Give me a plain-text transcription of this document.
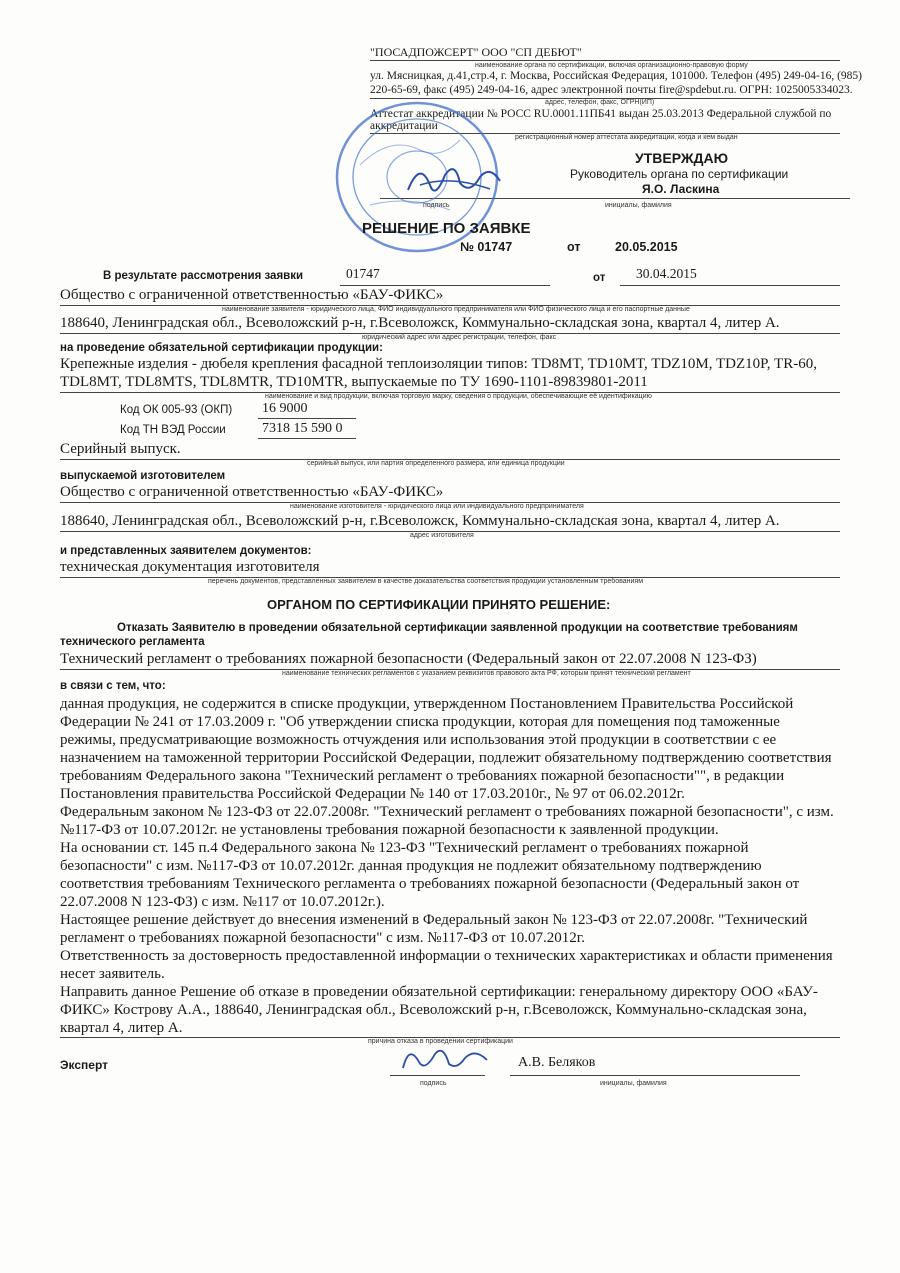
"ПОСАДПОЖСЕРТ" ООО "СП ДЕБЮТ"
наименование органа по сертификации, включая организационно-правовую форму
ул. Мясницкая, д.41,стр.4, г. Москва, Российская Федерация, 101000. Телефон (495) 249-04-16, (985)
220-65-69, факс (495) 249-04-16, адрес электронной почты fire@spdebut.ru. ОГРН: 1025005334023.
адрес, телефон, факс, ОГРН(ИП)
Аттестат аккредитации № РОСС RU.0001.11ПБ41 выдан 25.03.2013 Федеральной службой по
аккредитации
регистрационный номер аттестата аккредитации, когда и кем выдан
УТВЕРЖДАЮ
Руководитель органа по сертификации
Я.О. Ласкина
подпись	инициалы, фамилия
РЕШЕНИЕ ПО ЗАЯВКЕ
№ 01747	от	20.05.2015
В результате рассмотрения заявки	01747	от 30.04.2015
Общество с ограниченной ответственностью «БАУ-ФИКС»
наименование заявителя - юридического лица, ФИО индивидуального предпринимателя или ФИО физического лица и его паспортные данные
188640, Ленинградская обл., Всеволожский р-н, г.Всеволожск, Коммунально-складская зона, квартал 4, литер А.
юридический адрес или адрес регистрации, телефон, факс
на проведение обязательной сертификации продукции:
Крепежные изделия - дюбеля крепления фасадной теплоизоляции типов: TD8MT, TD10MT, TDZ10M, TDZ10P, TR-60,
TDL8MT, TDL8MTS, TDL8MTR, TD10MTR, выпускаемые по ТУ 1690-1101-89839801-2011
наименование и вид продукции, включая торговую марку, сведения о продукции, обеспечивающие её идентификацию
Код ОК 005-93 (ОКП) 16 9000
Код ТН ВЭД России	7318 15 590 0
Серийный выпуск.
серийный выпуск, или партия определенного размера, или единица продукции
выпускаемой изготовителем
Общество с ограниченной ответственностью «БАУ-ФИКС»
наименование изготовителя - юридического лица или индивидуального предпринимателя
188640, Ленинградская обл., Всеволожский р-н, г.Всеволожск, Коммунально-складская зона, квартал 4, литер А.
адрес изготовителя
и представленных заявителем документов:
техническая документация изготовителя
перечень документов, представленных заявителем в качестве доказательства соответствия продукции установленным требованиям
ОРГАНОМ ПО СЕРТИФИКАЦИИ ПРИНЯТО РЕШЕНИЕ:
Отказать Заявителю в проведении обязательной сертификации заявленной продукции на соответствие требованиям
технического регламента
Технический регламент о требованиях пожарной безопасности (Федеральный закон от 22.07.2008 N 123-ФЗ)
наименование технических регламентов с указанием реквизитов правового акта РФ, которым принят технический регламент
в связи с тем, что:
данная продукция, не содержится в списке продукции, утвержденном Постановлением Правительства Российской
Федерации № 241 от 17.03.2009 г. "Об утверждении списка продукции, которая для помещения под таможенные
режимы, предусматривающие возможность отчуждения или использования этой продукции в соответствии с ее
назначением на таможенной территории Российской Федерации, подлежит обязательному подтверждению соответствия
требованиям Федерального закона "Технический регламент о требованиях пожарной безопасности"", в редакции
Постановления правительства Российской Федерации № 140 от 17.03.2010г., № 97 от 06.02.2012г.
Федеральным законом № 123-ФЗ от 22.07.2008г. "Технический регламент о требованиях пожарной безопасности", с изм.
№117-ФЗ от 10.07.2012г. не установлены требования пожарной безопасности к заявленной продукции.
На основании ст. 145 п.4 Федерального закона № 123-ФЗ "Технический регламент о требованиях пожарной
безопасности" с изм. №117-ФЗ от 10.07.2012г. данная продукция не подлежит обязательному подтверждению
соответствия требованиям Технического регламента о требованиях пожарной безопасности (Федеральный закон от
22.07.2008 N 123-ФЗ) с изм. №117 от 10.07.2012г.).
Настоящее решение действует до внесения изменений в Федеральный закон № 123-ФЗ от 22.07.2008г. "Технический
регламент о требованиях пожарной безопасности" с изм. №117-ФЗ от 10.07.2012г.
Ответственность за достоверность предоставленной информации о технических характеристиках и области применения
несет заявитель.
Направить данное Решение об отказе в проведении обязательной сертификации: генеральному директору ООО «БАУ-
ФИКС» Кострову А.А., 188640, Ленинградская обл., Всеволожский р-н, г.Всеволожск, Коммунально-складская зона,
квартал 4, литер А.
причина отказа в проведении сертификации
Эксперт	А.В. Беляков
подпись	инициалы, фамилия
